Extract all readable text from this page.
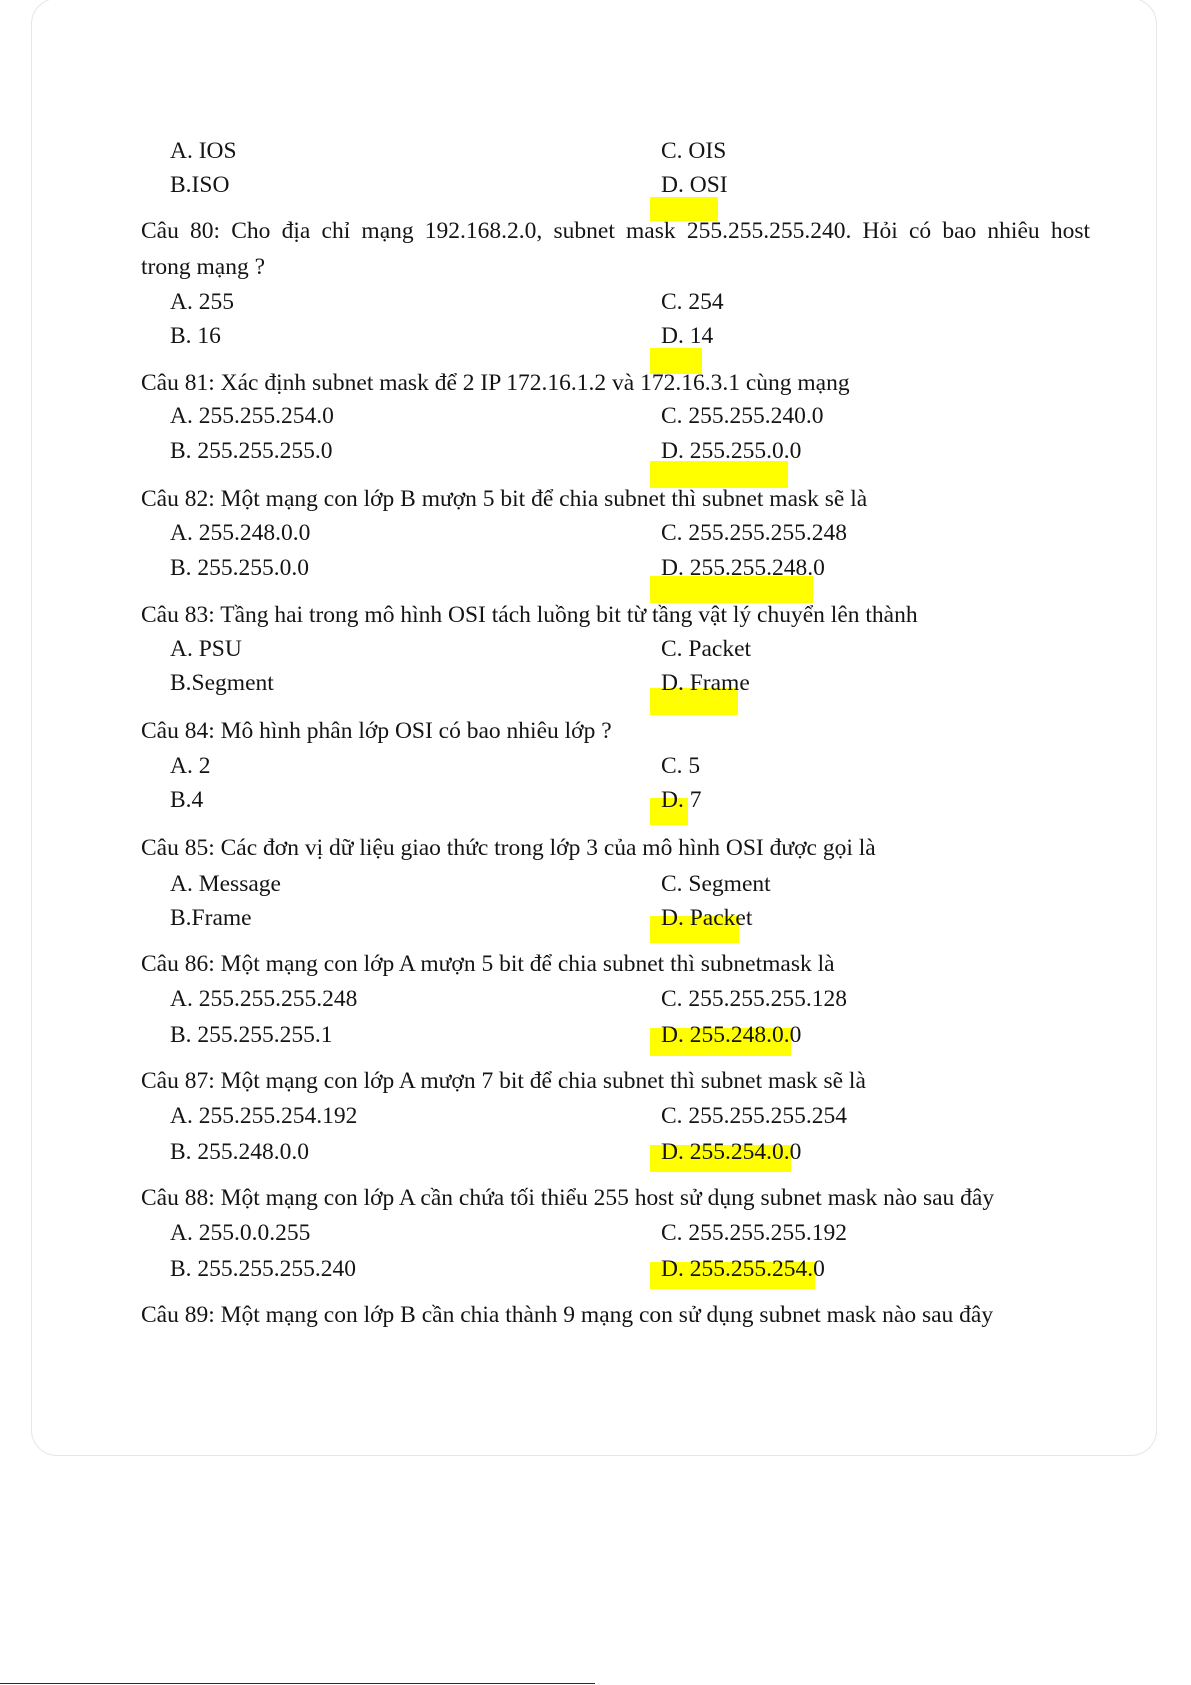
A. IOS	C. OIS
B.ISO	D. OSI
Câu 80: Cho địa chỉ mạng 192.168.2.0, subnet mask 255.255.255.240. Hỏi có bao nhiêu host
trong mạng ?
A. 255	C. 254
B. 16	D. 14
Câu 81: Xác định subnet mask để 2 IP 172.16.1.2 và 172.16.3.1 cùng mạng
A. 255.255.254.0	C. 255.255.240.0
B. 255.255.255.0	D. 255.255.0.0
Câu 82: Một mạng con lớp B mượn 5 bit để chia subnet thì subnet mask sẽ là
A. 255.248.0.0	C. 255.255.255.248
B. 255.255.0.0	D. 255.255.248.0
Câu 83: Tầng hai trong mô hình OSI tách luồng bit từ tầng vật lý chuyển lên thành
A. PSU	C. Packet
B.Segment	D. Frame
Câu 84: Mô hình phân lớp OSI có bao nhiêu lớp ?
A. 2	C. 5
B.4	D. 7
Câu 85: Các đơn vị dữ liệu giao thức trong lớp 3 của mô hình OSI được gọi là
A. Message	C. Segment
B.Frame	D. Packet
Câu 86: Một mạng con lớp A mượn 5 bit để chia subnet thì subnetmask là
A. 255.255.255.248	C. 255.255.255.128
B. 255.255.255.1	D. 255.248.0.0
Câu 87: Một mạng con lớp A mượn 7 bit để chia subnet thì subnet mask sẽ là
A. 255.255.254.192	C. 255.255.255.254
B. 255.248.0.0	D. 255.254.0.0
Câu 88: Một mạng con lớp A cần chứa tối thiểu 255 host sử dụng subnet mask nào sau đây
A. 255.0.0.255	C. 255.255.255.192
B. 255.255.255.240	D. 255.255.254.0
Câu 89: Một mạng con lớp B cần chia thành 9 mạng con sử dụng subnet mask nào sau đây
